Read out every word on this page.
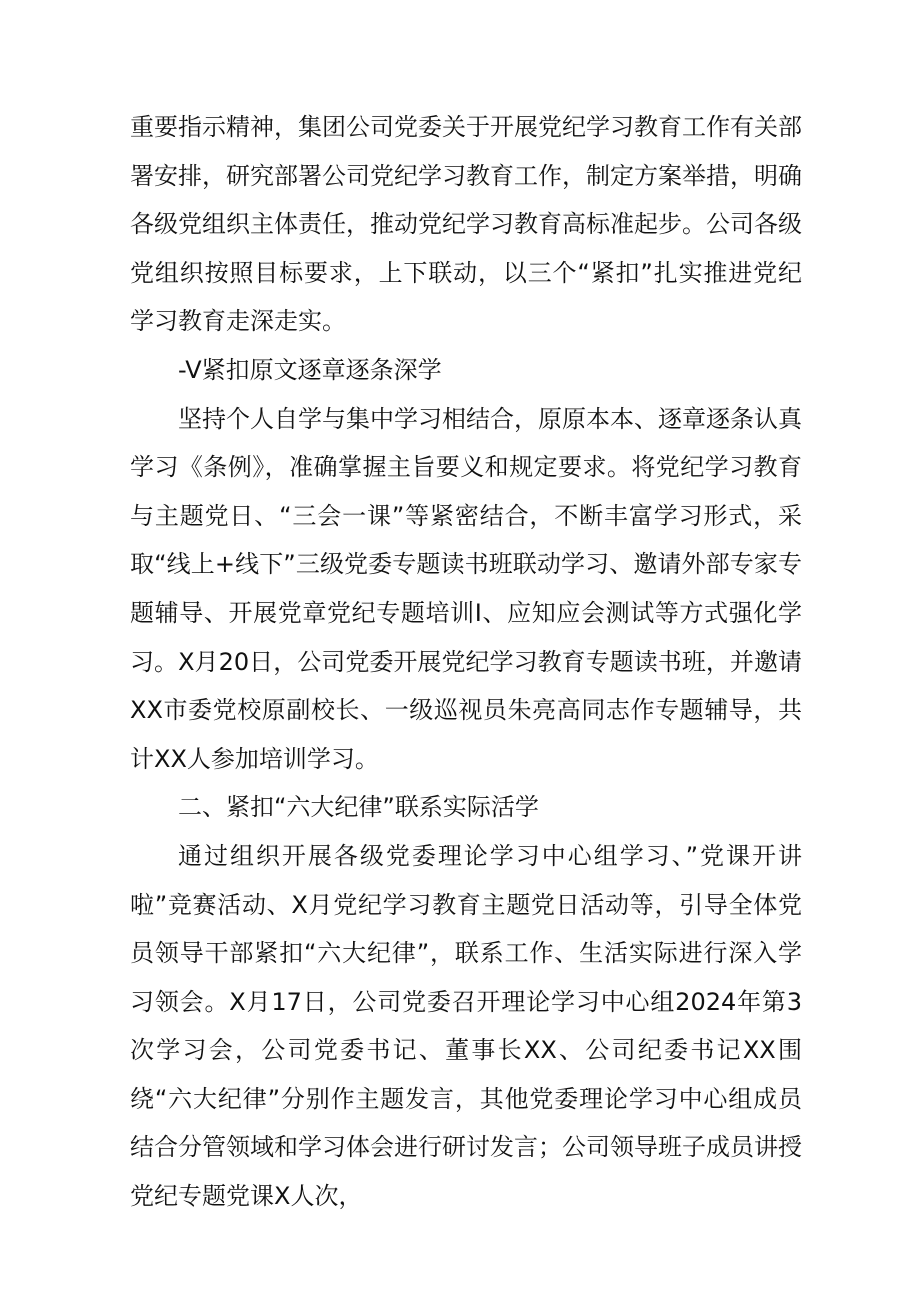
重要指示精神，集团公司党委关于开展党纪学习教育工作有关部署安排，研究部署公司党纪学习教育工作，制定方案举措，明确各级党组织主体责任，推动党纪学习教育高标准起步。公司各级党组织按照目标要求，上下联动，以三个“紧扣”扎实推进党纪学习教育走深走实。

-V紧扣原文逐章逐条深学

坚持个人自学与集中学习相结合，原原本本、逐章逐条认真学习《条例》，准确掌握主旨要义和规定要求。将党纪学习教育与主题党日、“三会一课”等紧密结合，不断丰富学习形式，采取“线上+线下”三级党委专题读书班联动学习、邀请外部专家专题辅导、开展党章党纪专题培训I、应知应会测试等方式强化学习。X月20日，公司党委开展党纪学习教育专题读书班，并邀请XX市委党校原副校长、一级巡视员朱亮高同志作专题辅导，共计XX人参加培训学习。

二、紧扣“六大纪律”联系实际活学

通过组织开展各级党委理论学习中心组学习、”党课开讲啦”竞赛活动、X月党纪学习教育主题党日活动等，引导全体党员领导干部紧扣“六大纪律”，联系工作、生活实际进行深入学习领会。X月17日，公司党委召开理论学习中心组2024年第3次学习会，公司党委书记、董事长XX、公司纪委书记XX围绕“六大纪律”分别作主题发言，其他党委理论学习中心组成员结合分管领域和学习体会进行研讨发言；公司领导班子成员讲授党纪专题党课X人次，
